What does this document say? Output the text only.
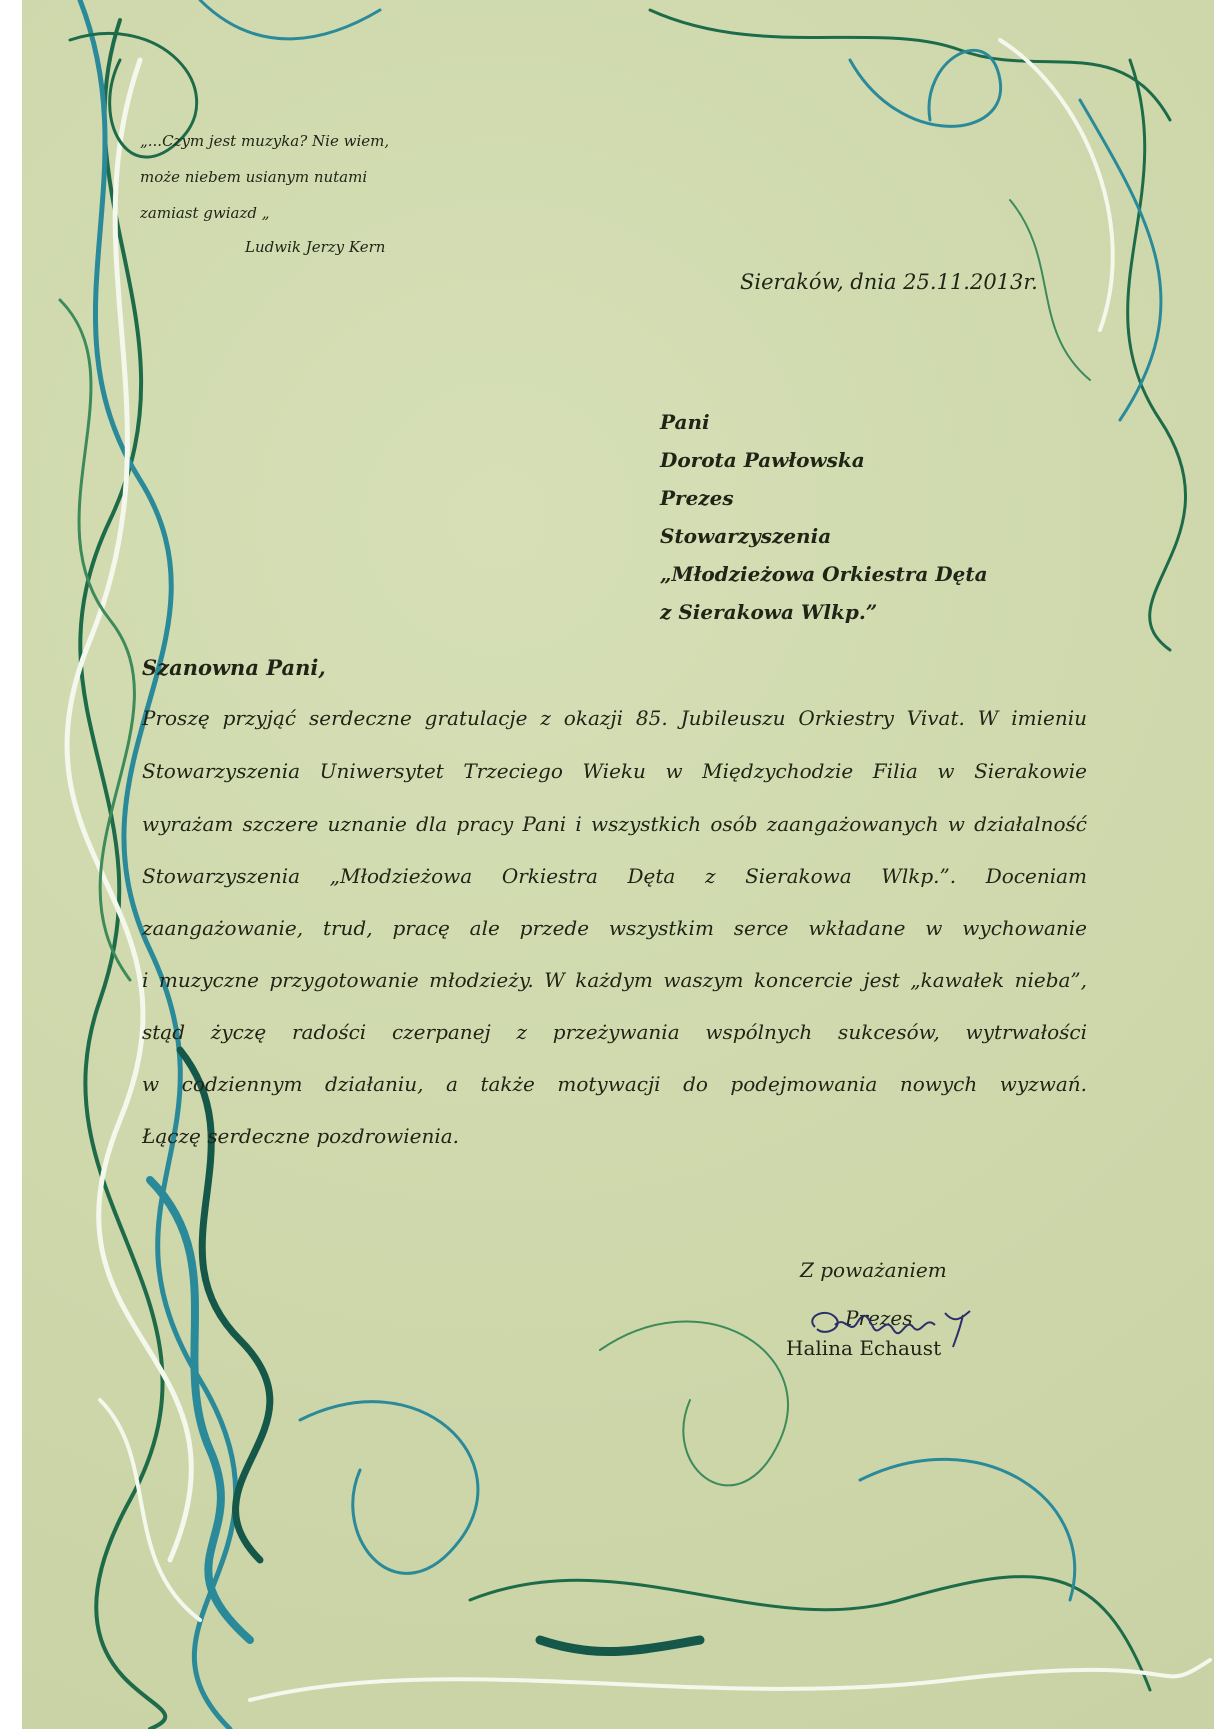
„...Czym jest muzyka? Nie wiem,
może niebem usianym nutami
zamiast gwiazd „
Ludwik Jerzy Kern
Sieraków, dnia 25.11.2013r.
Pani
Dorota Pawłowska
Prezes
Stowarzyszenia
„Młodzieżowa Orkiestra Dęta
z Sierakowa Wlkp.”
Szanowna Pani,
Proszę przyjąć serdeczne gratulacje z okazji 85. Jubileuszu Orkiestry Vivat. W imieniu
Stowarzyszenia Uniwersytet Trzeciego Wieku w Międzychodzie Filia w Sierakowie
wyrażam szczere uznanie dla pracy Pani i wszystkich osób zaangażowanych w działalność
Stowarzyszenia „Młodzieżowa Orkiestra Dęta z Sierakowa Wlkp.”. Doceniam
zaangażowanie, trud, pracę ale przede wszystkim serce wkładane w wychowanie
i muzyczne przygotowanie młodzieży. W każdym waszym koncercie jest „kawałek nieba”,
stąd życzę radości czerpanej z przeżywania wspólnych sukcesów, wytrwałości
w codziennym działaniu, a także motywacji do podejmowania nowych wyzwań.
Łączę serdeczne pozdrowienia.
Z poważaniem
Prezes
Halina Echaust
